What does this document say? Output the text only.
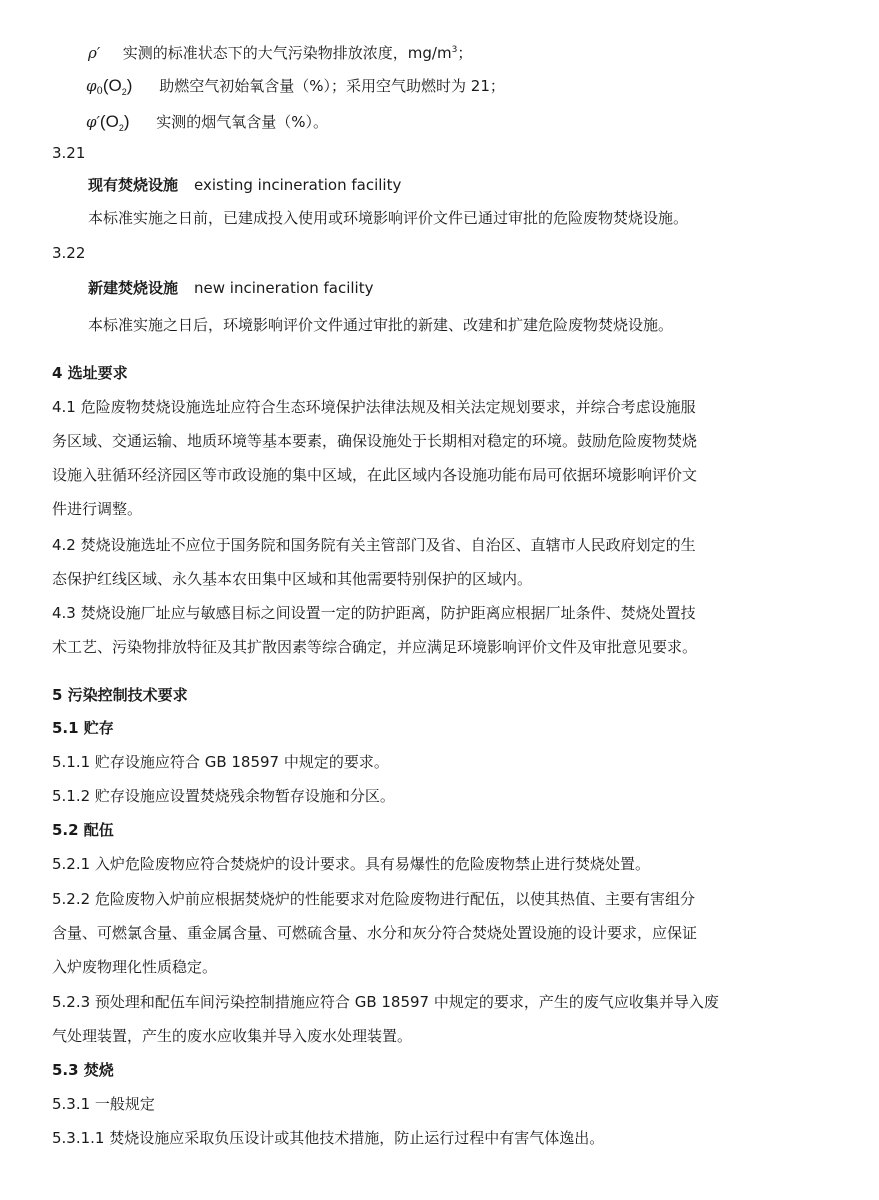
ρ′ 实测的标准状态下的大气污染物排放浓度，$mg/m^3$；
$\varphi_0(O_2)$ 助燃空气初始氧含量（%）；采用空气助燃时为 21；
$\varphi'(O_2)$ 实测的烟气氧含量（%）。
3.21
现有焚烧设施 existing incineration facility
本标准实施之日前，已建成投入使用或环境影响评价文件已通过审批的危险废物焚烧设施。
3.22
新建焚烧设施 new incineration facility
本标准实施之日后，环境影响评价文件通过审批的新建、改建和扩建危险废物焚烧设施。
4 选址要求
4.1 危险废物焚烧设施选址应符合生态环境保护法律法规及相关法定规划要求，并综合考虑设施服
务区域、交通运输、地质环境等基本要素，确保设施处于长期相对稳定的环境。鼓励危险废物焚烧
设施入驻循环经济园区等市政设施的集中区域，在此区域内各设施功能布局可依据环境影响评价文
件进行调整。
4.2 焚烧设施选址不应位于国务院和国务院有关主管部门及省、自治区、直辖市人民政府划定的生
态保护红线区域、永久基本农田集中区域和其他需要特别保护的区域内。
4.3 焚烧设施厂址应与敏感目标之间设置一定的防护距离，防护距离应根据厂址条件、焚烧处置技
术工艺、污染物排放特征及其扩散因素等综合确定，并应满足环境影响评价文件及审批意见要求。
5 污染控制技术要求
5.1 贮存
5.1.1 贮存设施应符合 GB 18597 中规定的要求。
5.1.2 贮存设施应设置焚烧残余物暂存设施和分区。
5.2 配伍
5.2.1 入炉危险废物应符合焚烧炉的设计要求。具有易爆性的危险废物禁止进行焚烧处置。
5.2.2 危险废物入炉前应根据焚烧炉的性能要求对危险废物进行配伍，以使其热值、主要有害组分
含量、可燃氯含量、重金属含量、可燃硫含量、水分和灰分符合焚烧处置设施的设计要求，应保证
入炉废物理化性质稳定。
5.2.3 预处理和配伍车间污染控制措施应符合 GB 18597 中规定的要求，产生的废气应收集并导入废
气处理装置，产生的废水应收集并导入废水处理装置。
5.3 焚烧
5.3.1 一般规定
5.3.1.1 焚烧设施应采取负压设计或其他技术措施，防止运行过程中有害气体逸出。
